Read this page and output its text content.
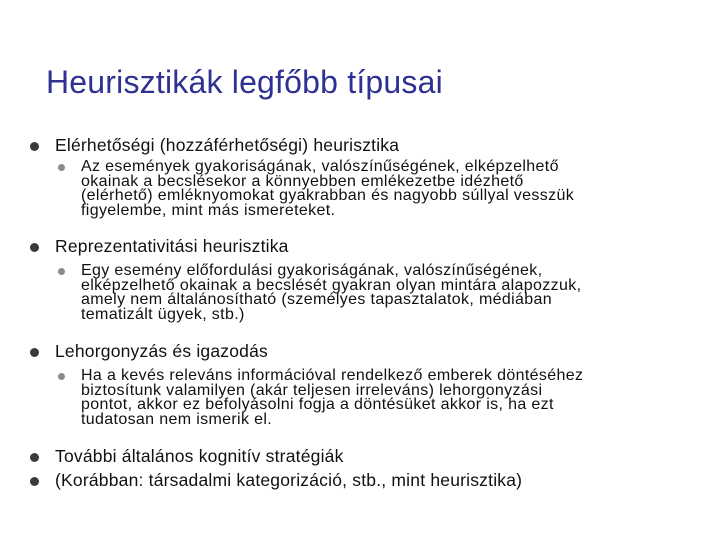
Heurisztikák legfőbb típusai
Elérhetőségi (hozzáférhetőségi) heurisztika
Az események gyakoriságának, valószínűségének, elképzelhető
okainak a becslésekor a könnyebben emlékezetbe idézhető
(elérhető) emléknyomokat gyakrabban és nagyobb súllyal vesszük
figyelembe, mint más ismereteket.
Reprezentativitási heurisztika
Egy esemény előfordulási gyakoriságának, valószínűségének,
elképzelhető okainak a becslését gyakran olyan mintára alapozzuk,
amely nem általánosítható (személyes tapasztalatok, médiában
tematizált ügyek, stb.)
Lehorgonyzás és igazodás
Ha a kevés releváns információval rendelkező emberek döntéséhez
biztosítunk valamilyen (akár teljesen irreleváns) lehorgonyzási
pontot, akkor ez befolyásolni fogja a döntésüket akkor is, ha ezt
tudatosan nem ismerik el.
További általános kognitív stratégiák
(Korábban: társadalmi kategorizáció, stb., mint heurisztika)
